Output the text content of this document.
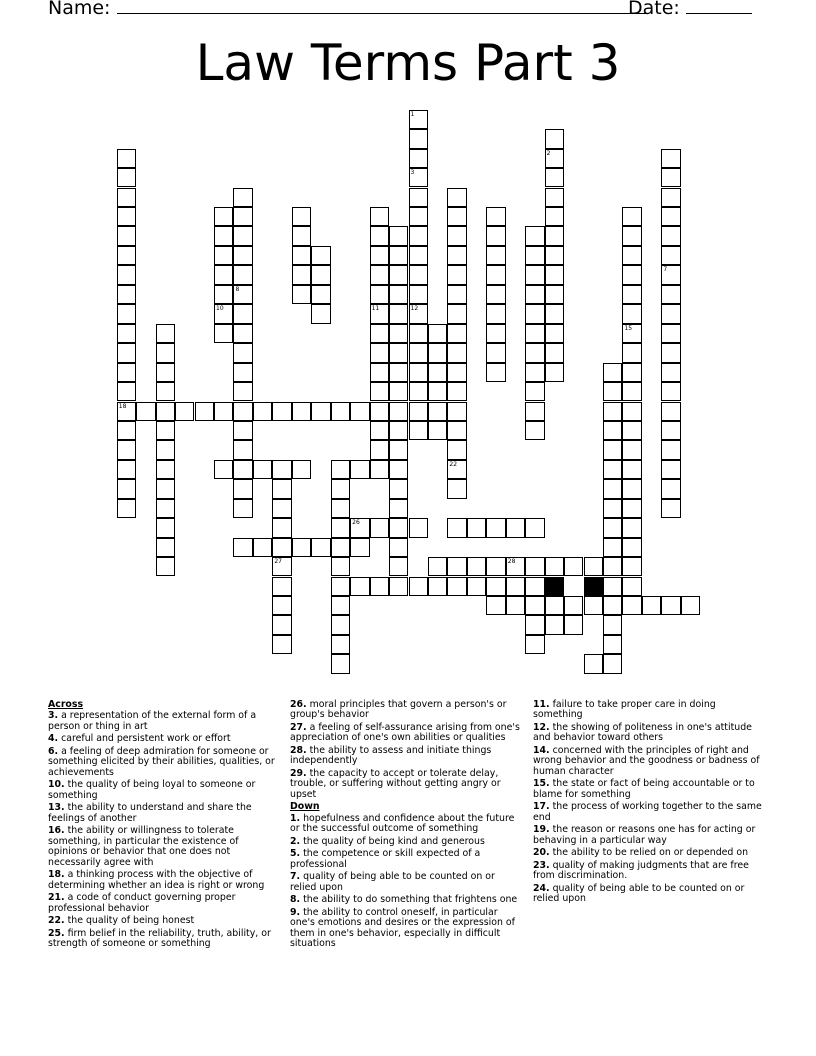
Name:	Date:
Law Terms Part 3
1
3
2
18
7
22
8
15
10	11	12
27
26
28
Across
3. a representation of the external form of a person or thing in art
4. careful and persistent work or effort
6. a feeling of deep admiration for someone or something elicited by their abilities, qualities, or achievements
10. the quality of being loyal to someone or something
13. the ability to understand and share the feelings of another
16. the ability or willingness to tolerate something, in particular the existence of opinions or behavior that one does not necessarily agree with
18. a thinking process with the objective of determining whether an idea is right or wrong
21. a code of conduct governing proper professional behavior
22. the quality of being honest
25. firm belief in the reliability, truth, ability, or strength of someone or something
26. moral principles that govern a person's or group's behavior
27. a feeling of self-assurance arising from one's appreciation of one's own abilities or qualities
28. the ability to assess and initiate things independently
29. the capacity to accept or tolerate delay, trouble, or suffering without getting angry or upset
Down
1. hopefulness and confidence about the future or the successful outcome of something
2. the quality of being kind and generous
5. the competence or skill expected of a professional
7. quality of being able to be counted on or relied upon
8. the ability to do something that frightens one
9. the ability to control oneself, in particular one's emotions and desires or the expression of them in one's behavior, especially in difficult situations
11. failure to take proper care in doing something
12. the showing of politeness in one's attitude and behavior toward others
14. concerned with the principles of right and wrong behavior and the goodness or badness of human character
15. the state or fact of being accountable or to blame for something
17. the process of working together to the same end
19. the reason or reasons one has for acting or behaving in a particular way
20. the ability to be relied on or depended on
23. quality of making judgments that are free from discrimination.
24. quality of being able to be counted on or relied upon
